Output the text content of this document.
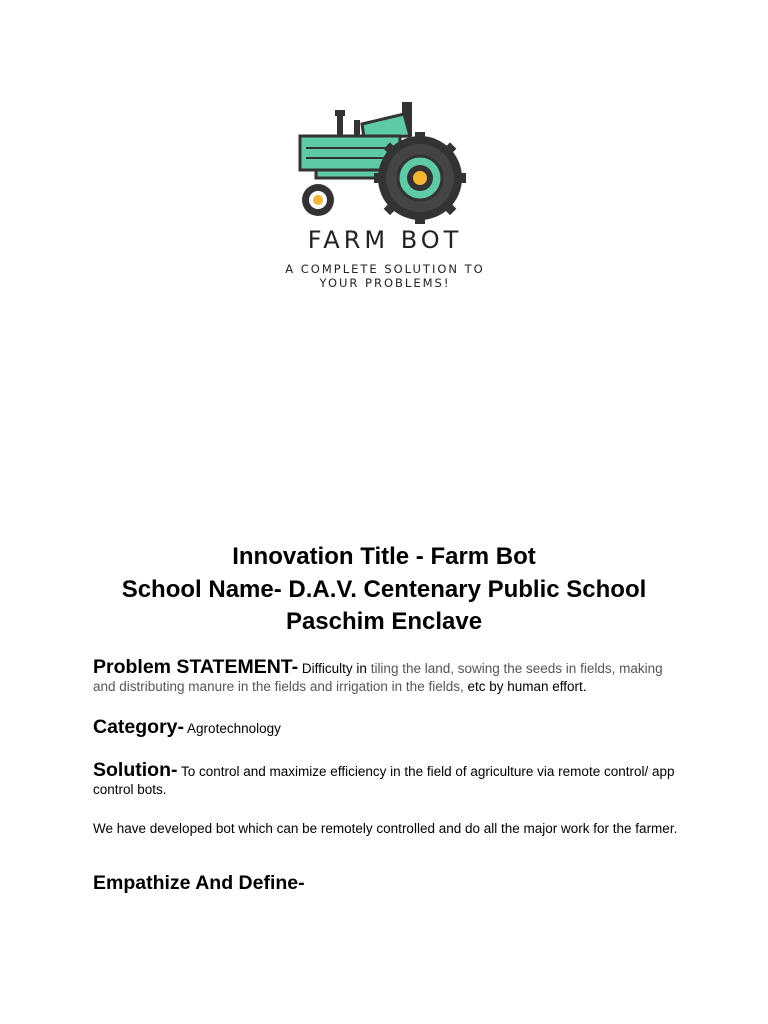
FARM BOT
A COMPLETE SOLUTION TO
YOUR PROBLEMS!
Innovation Title - Farm Bot
School Name- D.A.V. Centenary Public School
Paschim Enclave
Problem STATEMENT- Difficulty in tiling the land, sowing the seeds in fields, making and distributing manure in the fields and irrigation in the fields, etc by human effort.
Category- Agrotechnology
Solution- To control and maximize efficiency in the field of agriculture via remote control/ app control bots.
We have developed bot which can be remotely controlled and do all the major work for the farmer.
Empathize And Define-
